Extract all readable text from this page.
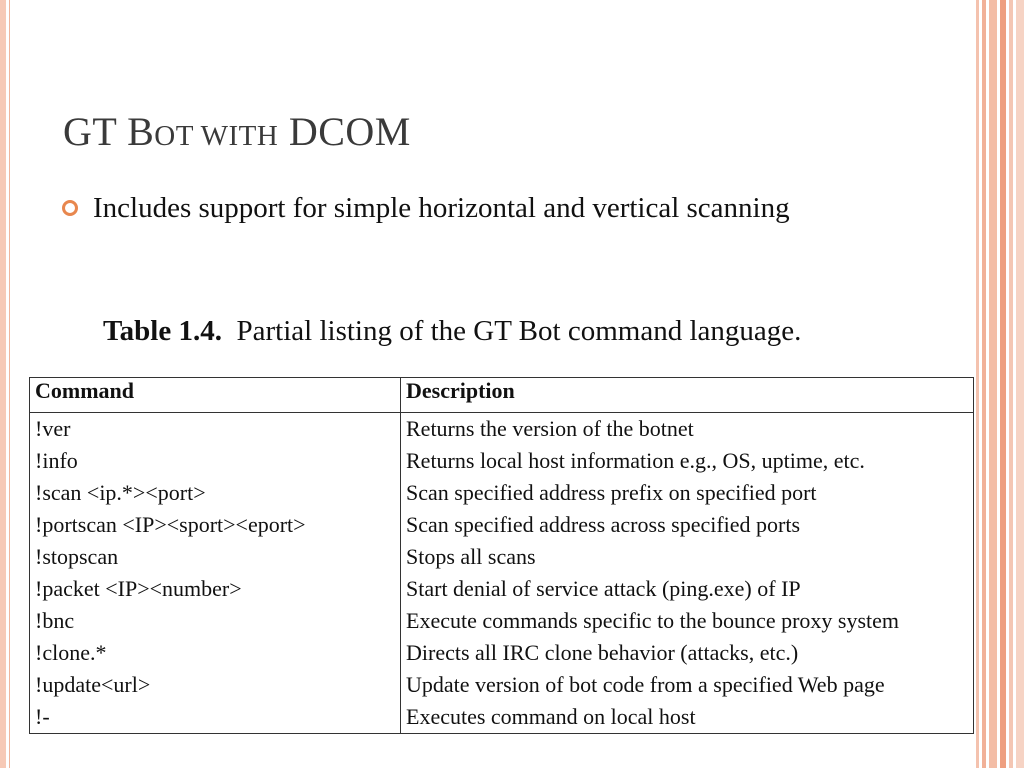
GT BOT WITH DCOM
Includes support for simple horizontal and vertical scanning
Table 1.4. Partial listing of the GT Bot command language.
Command	Description
!ver	Returns the version of the botnet
!info	Returns local host information e.g., OS, uptime, etc.
!scan <ip.*><port>	Scan specified address prefix on specified port
!portscan <IP><sport><eport>	Scan specified address across specified ports
!stopscan	Stops all scans
!packet <IP><number>	Start denial of service attack (ping.exe) of IP
!bnc	Execute commands specific to the bounce proxy system
!clone.*	Directs all IRC clone behavior (attacks, etc.)
!update<url>	Update version of bot code from a specified Web page
!-	Executes command on local host
